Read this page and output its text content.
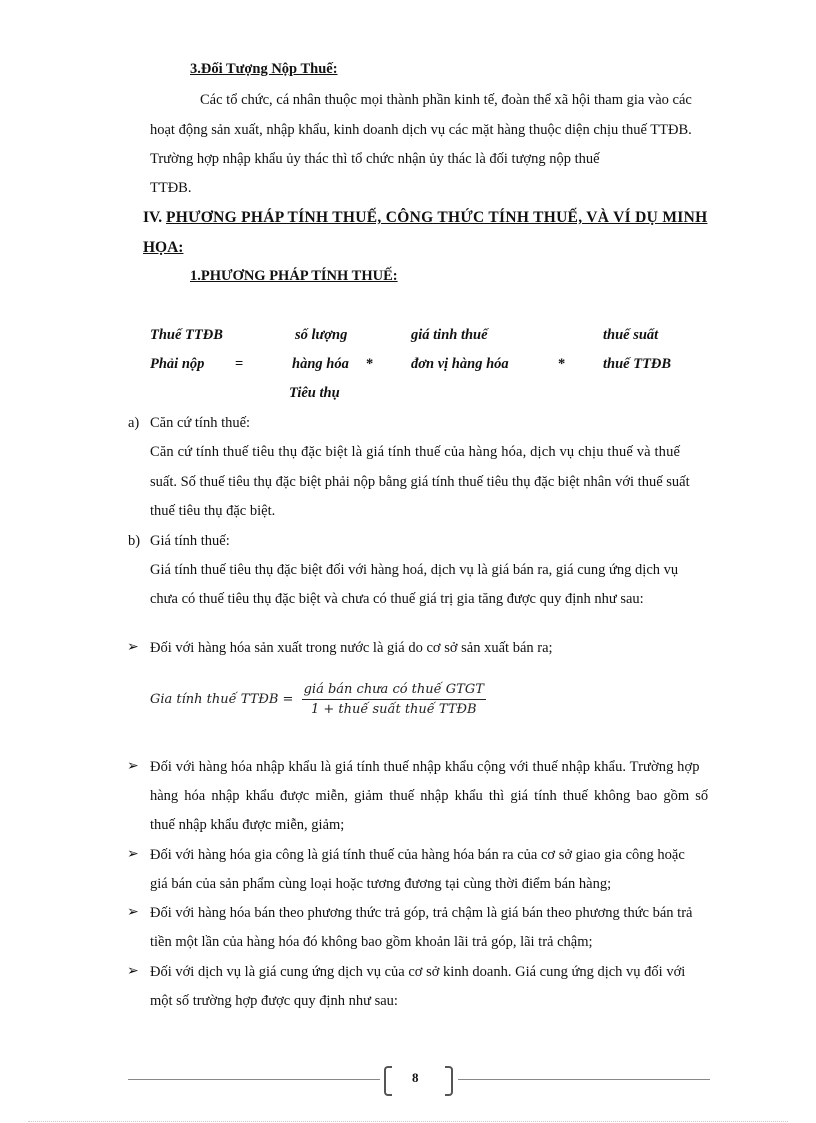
3.Đối Tượng Nộp Thuế:
Các tổ chức, cá nhân thuộc mọi thành phần kinh tế, đoàn thể xã hội tham gia vào các
hoạt động sản xuất, nhập khẩu, kinh doanh dịch vụ các mặt hàng thuộc diện chịu thuế TTĐB.
Trường hợp nhập khẩu ủy thác thì tổ chức nhận ủy thác là đối tượng nộp thuế
TTĐB.
IV. PHƯƠNG PHÁP TÍNH THUẾ, CÔNG THỨC TÍNH THUẾ, VÀ VÍ DỤ MINH
HỌA:
1.PHƯƠNG PHÁP TÍNH THUẾ:
Thuế TTĐB
Phải nộp =
số lượng
hàng hóa
Tiêu thụ
*
giá tinh thuế
đơn vị hàng hóa	*
thuế suất
thuế TTĐB
a) Căn cứ tính thuế:
Căn cứ tính thuế tiêu thụ đặc biệt là giá tính thuế của hàng hóa, dịch vụ chịu thuế và thuế
suất. Số thuế tiêu thụ đặc biệt phải nộp bằng giá tính thuế tiêu thụ đặc biệt nhân với thuế suất
thuế tiêu thụ đặc biệt.
b) Giá tính thuế:
Giá tính thuế tiêu thụ đặc biệt đối với hàng hoá, dịch vụ là giá bán ra, giá cung ứng dịch vụ
chưa có thuế tiêu thụ đặc biệt và chưa có thuế giá trị gia tăng được quy định như sau:
➢ Đối với hàng hóa sản xuất trong nước là giá do cơ sở sản xuất bán ra;
Gia tính thuế TTĐB = $\frac{\text{giá bán chưa có thuế GTGT}}{\text{1 + thuế suất thuế TTĐB}}$
➢ Đối với hàng hóa nhập khẩu là giá tính thuế nhập khẩu cộng với thuế nhập khẩu. Trường hợp
hàng hóa nhập khẩu được miễn, giảm thuế nhập khẩu thì giá tính thuế không bao gồm số
thuế nhập khẩu được miễn, giảm;
➢ Đối với hàng hóa gia công là giá tính thuế của hàng hóa bán ra của cơ sở giao gia công hoặc
giá bán của sản phẩm cùng loại hoặc tương đương tại cùng thời điểm bán hàng;
➢ Đối với hàng hóa bán theo phương thức trả góp, trả chậm là giá bán theo phương thức bán trả
tiền một lần của hàng hóa đó không bao gồm khoản lãi trả góp, lãi trả chậm;
➢ Đối với dịch vụ là giá cung ứng dịch vụ của cơ sở kinh doanh. Giá cung ứng dịch vụ đối với
một số trường hợp được quy định như sau:
8
